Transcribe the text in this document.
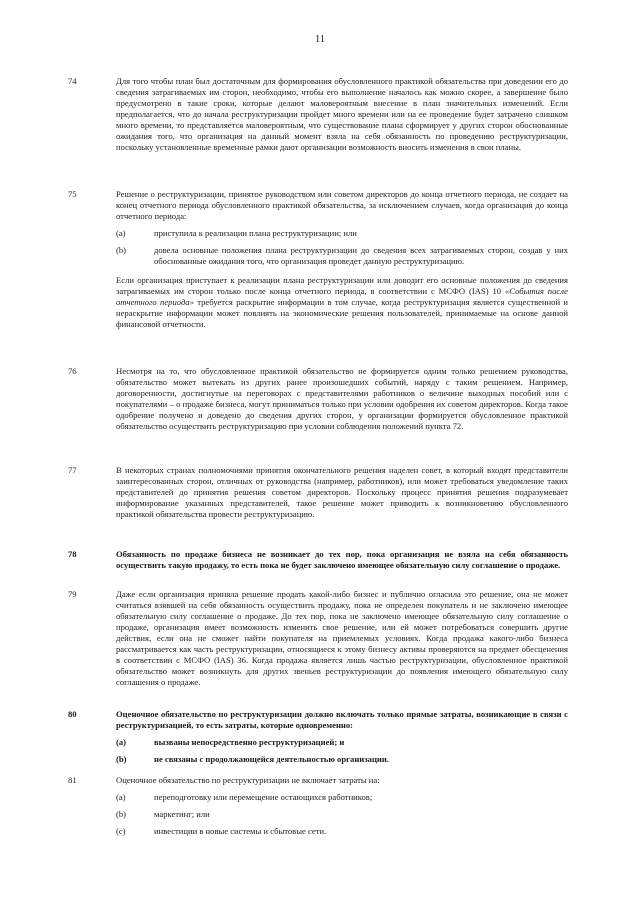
11
74	Для того чтобы план был достаточным для формирования обусловленного практикой обязательства при доведении его до сведения затрагиваемых им сторон, необходимо, чтобы его выполнение началось как можно скорее, а завершение было предусмотрено в такие сроки, которые делают маловероятным внесение в план значительных изменений. Если предполагается, что до начала реструктуризации пройдет много времени или на ее проведение будет затрачено слишком много времени, то представляется маловероятным, что существование плана сформирует у других сторон обоснованные ожидания того, что организация на данный момент взяла на себя обязанность по проведению реструктуризации, поскольку установленные временные рамки дают организации возможность вносить изменения в свои планы.
75	Решение о реструктуризации, принятое руководством или советом директоров до конца отчетного периода, не создает на конец отчетного периода обусловленного практикой обязательства, за исключением случаев, когда организация до конца отчетного периода:
(a)	приступила к реализации плана реструктуризации; или
(b)	довела основные положения плана реструктуризации до сведения всех затрагиваемых сторон, создав у них обоснованные ожидания того, что организация проведет данную реструктуризацию.
Если организация приступает к реализации плана реструктуризации или доводит его основные положения до сведения затрагиваемых им сторон только после конца отчетного периода, в соответствии с МСФО (IAS) 10 «События после отчетного периода» требуется раскрытие информации в том случае, когда реструктуризация является существенной и нераскрытие информации может повлиять на экономические решения пользователей, принимаемые на основе данной финансовой отчетности.
76	Несмотря на то, что обусловленное практикой обязательство не формируется одним только решением руководства, обязательство может вытекать из других ранее произошедших событий, наряду с таким решением. Например, договоренности, достигнутые на переговорах с представителями работников о величине выходных пособий или с покупателями – о продаже бизнеса, могут приниматься только при условии одобрения их советом директоров. Когда такое одобрение получено и доведено до сведения других сторон, у организации формируется обусловленное практикой обязательство осуществить реструктуризацию при условии соблюдения положений пункта 72.
77	В некоторых странах полномочиями принятия окончательного решения наделен совет, в который входят представители заинтересованных сторон, отличных от руководства (например, работников), или может требоваться уведомление таких представителей до принятия решения советом директоров. Поскольку процесс принятия решения подразумевает информирование указанных представителей, такое решение может приводить к возникновению обусловленного практикой обязательства провести реструктуризацию.
78	Обязанность по продаже бизнеса не возникает до тех пор, пока организация не взяла на себя обязанность осуществить такую продажу, то есть пока не будет заключено имеющее обязательную силу соглашение о продаже.
79	Даже если организация приняла решение продать какой-либо бизнес и публично огласила это решение, она не может считаться взявшей на себя обязанность осуществить продажу, пока не определен покупатель и не заключено имеющее обязательную силу соглашение о продаже. До тех пор, пока не заключено имеющее обязательную силу соглашение о продаже, организация имеет возможность изменить свое решение, или ей может потребоваться совершить другие действия, если она не сможет найти покупателя на приемлемых условиях. Когда продажа какого-либо бизнеса рассматривается как часть реструктуризации, относящиеся к этому бизнесу активы проверяются на предмет обесценения в соответствии с МСФО (IAS) 36. Когда продажа является лишь частью реструктуризации, обусловленное практикой обязательство может возникнуть для других звеньев реструктуризации до появления имеющего обязательную силу соглашения о продаже.
80	Оценочное обязательство по реструктуризации должно включать только прямые затраты, возникающие в связи с реструктуризацией, то есть затраты, которые одновременно:
(a)	вызваны непосредственно реструктуризацией; и
(b)	не связаны с продолжающейся деятельностью организации.
81	Оценочное обязательство по реструктуризации не включает затраты на:
(a)	переподготовку или перемещение остающихся работников;
(b)	маркетинг; или
(c)	инвестиции в новые системы и сбытовые сети.
